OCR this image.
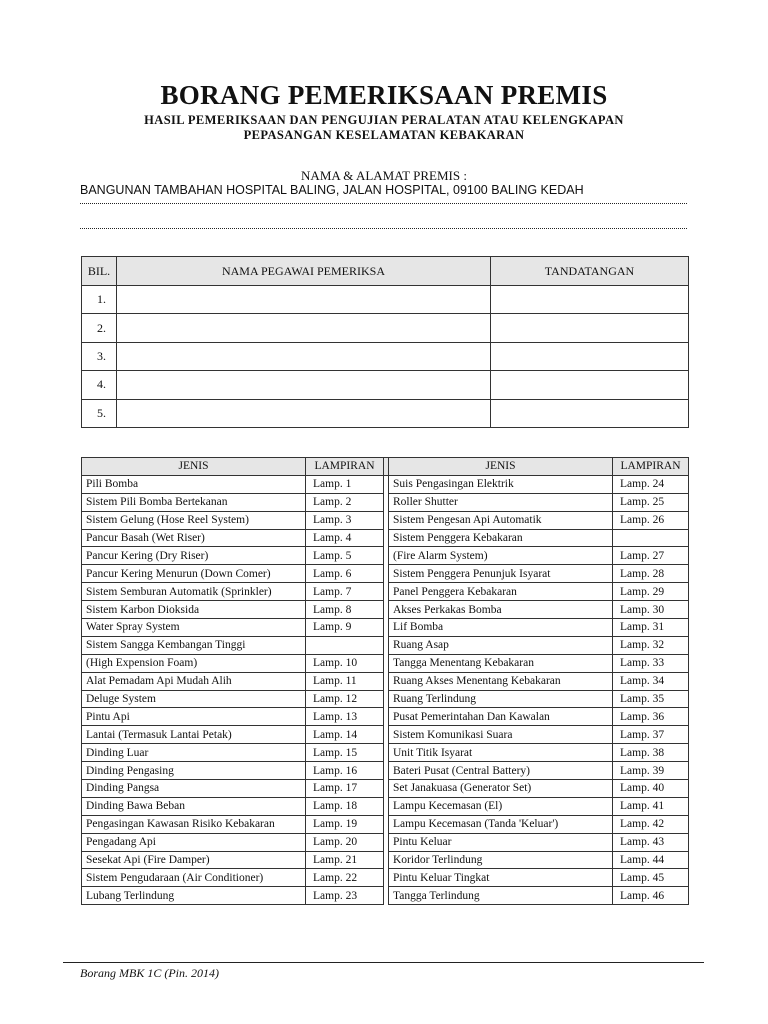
BORANG PEMERIKSAAN PREMIS
HASIL PEMERIKSAAN DAN PENGUJIAN PERALATAN ATAU KELENGKAPAN
PEPASANGAN KESELAMATAN KEBAKARAN
NAMA & ALAMAT PREMIS :
BANGUNAN TAMBAHAN HOSPITAL BALING, JALAN HOSPITAL, 09100 BALING KEDAH
BIL.	NAMA PEGAWAI PEMERIKSA	TANDATANGAN
1.		
2.		
3.		
4.		
5.		
JENIS	LAMPIRAN		JENIS	LAMPIRAN
Pili Bomba	Lamp. 1		Suis Pengasingan Elektrik	Lamp. 24
Sistem Pili Bomba Bertekanan	Lamp. 2		Roller Shutter	Lamp. 25
Sistem Gelung (Hose Reel System)	Lamp. 3		Sistem Pengesan Api Automatik	Lamp. 26
Pancur Basah (Wet Riser)	Lamp. 4		Sistem Penggera Kebakaran	
Pancur Kering (Dry Riser)	Lamp. 5		(Fire Alarm System)	Lamp. 27
Pancur Kering Menurun (Down Comer)	Lamp. 6		Sistem Penggera Penunjuk Isyarat	Lamp. 28
Sistem Semburan Automatik (Sprinkler)	Lamp. 7		Panel Penggera Kebakaran	Lamp. 29
Sistem Karbon Dioksida	Lamp. 8		Akses Perkakas Bomba	Lamp. 30
Water Spray System	Lamp. 9		Lif Bomba	Lamp. 31
Sistem Sangga Kembangan Tinggi			Ruang Asap	Lamp. 32
(High Expension Foam)	Lamp. 10		Tangga Menentang Kebakaran	Lamp. 33
Alat Pemadam Api Mudah Alih	Lamp. 11		Ruang Akses Menentang Kebakaran	Lamp. 34
Deluge System	Lamp. 12		Ruang Terlindung	Lamp. 35
Pintu Api	Lamp. 13		Pusat Pemerintahan Dan Kawalan	Lamp. 36
Lantai (Termasuk Lantai Petak)	Lamp. 14		Sistem Komunikasi Suara	Lamp. 37
Dinding Luar	Lamp. 15		Unit Titik Isyarat	Lamp. 38
Dinding Pengasing	Lamp. 16		Bateri Pusat (Central Battery)	Lamp. 39
Dinding Pangsa	Lamp. 17		Set Janakuasa (Generator Set)	Lamp. 40
Dinding Bawa Beban	Lamp. 18		Lampu Kecemasan (El)	Lamp. 41
Pengasingan Kawasan Risiko Kebakaran	Lamp. 19		Lampu Kecemasan (Tanda 'Keluar')	Lamp. 42
Pengadang Api	Lamp. 20		Pintu Keluar	Lamp. 43
Sesekat Api (Fire Damper)	Lamp. 21		Koridor Terlindung	Lamp. 44
Sistem Pengudaraan (Air Conditioner)	Lamp. 22		Pintu Keluar Tingkat	Lamp. 45
Lubang Terlindung	Lamp. 23		Tangga Terlindung	Lamp. 46
Borang MBK 1C (Pin. 2014)
